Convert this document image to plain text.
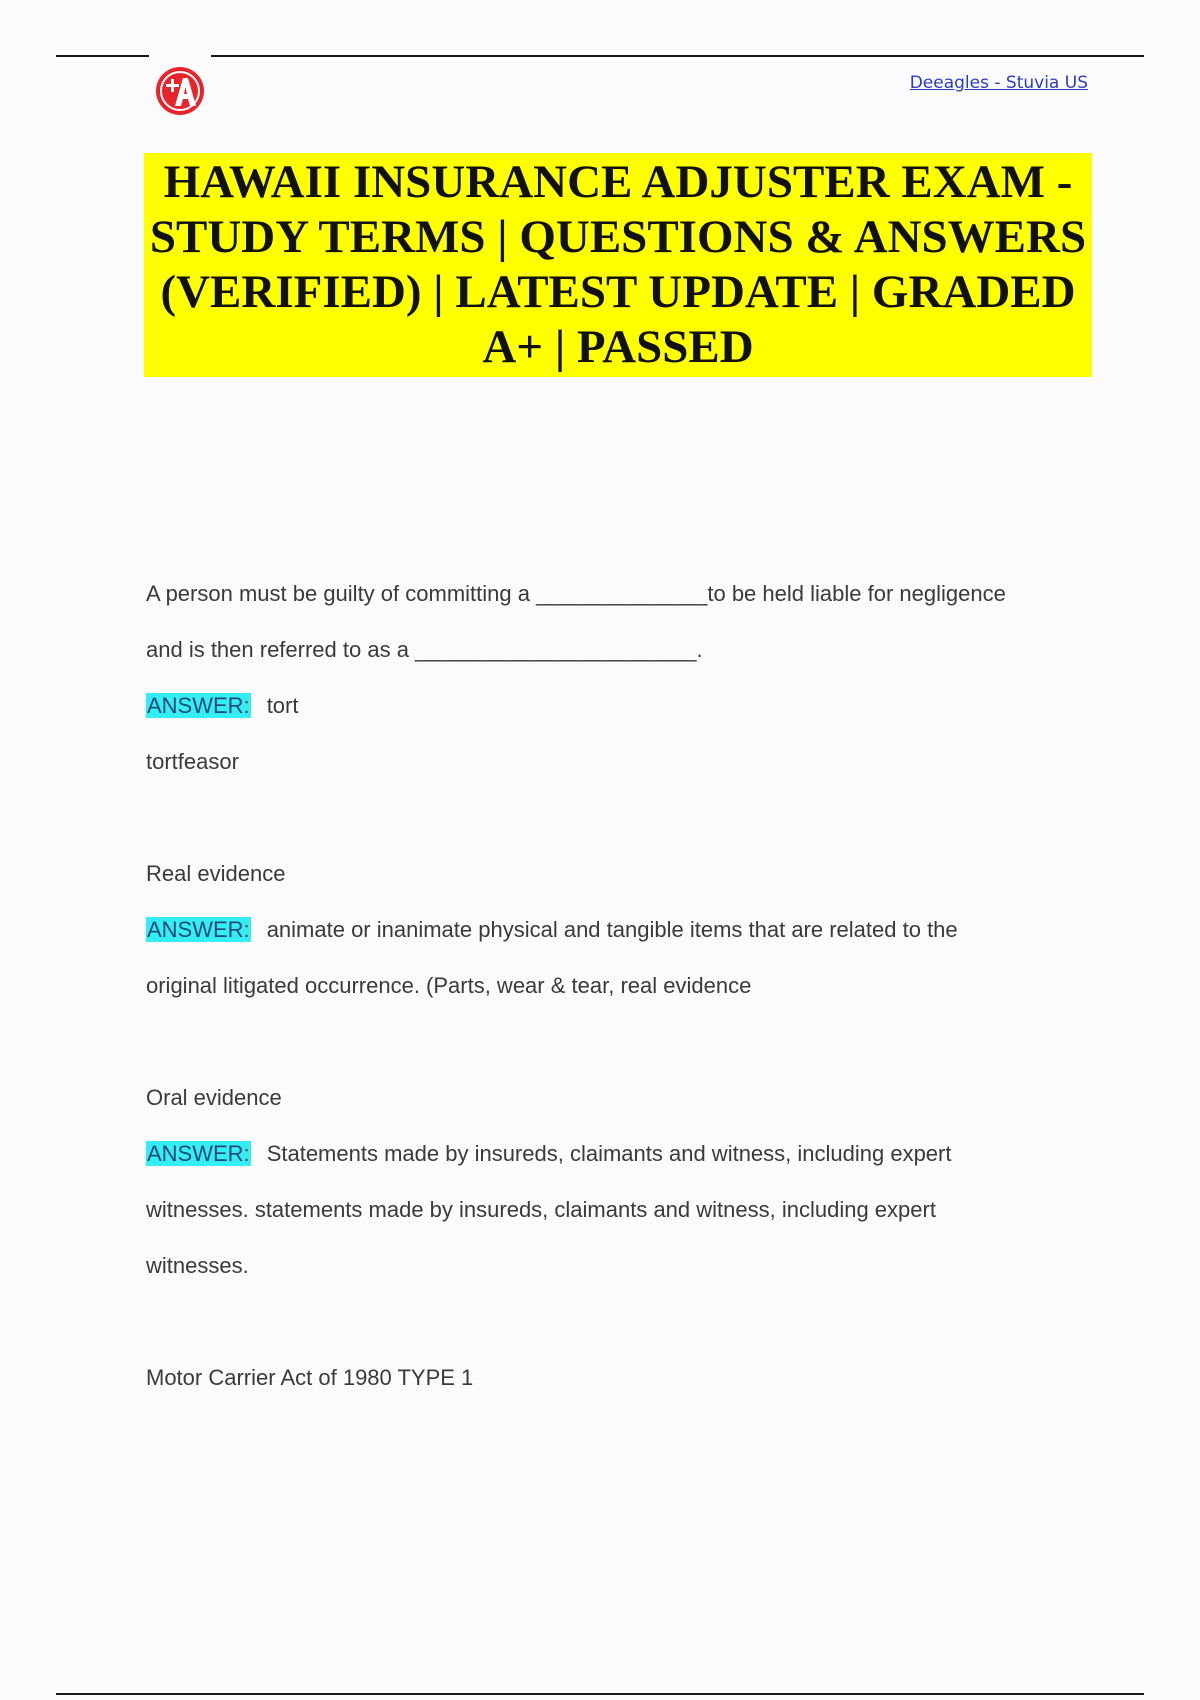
Deeagles - Stuvia US
HAWAII INSURANCE ADJUSTER EXAM - STUDY TERMS | QUESTIONS & ANSWERS (VERIFIED) | LATEST UPDATE | GRADED A+ | PASSED

A person must be guilty of committing a ______________to be held liable for negligence

and is then referred to as a _______________________.

ANSWER: tort

tortfeasor

Real evidence

ANSWER: animate or inanimate physical and tangible items that are related to the

original litigated occurrence. (Parts, wear & tear, real evidence

Oral evidence

ANSWER: Statements made by insureds, claimants and witness, including expert

witnesses. statements made by insureds, claimants and witness, including expert

witnesses.

Motor Carrier Act of 1980 TYPE 1
